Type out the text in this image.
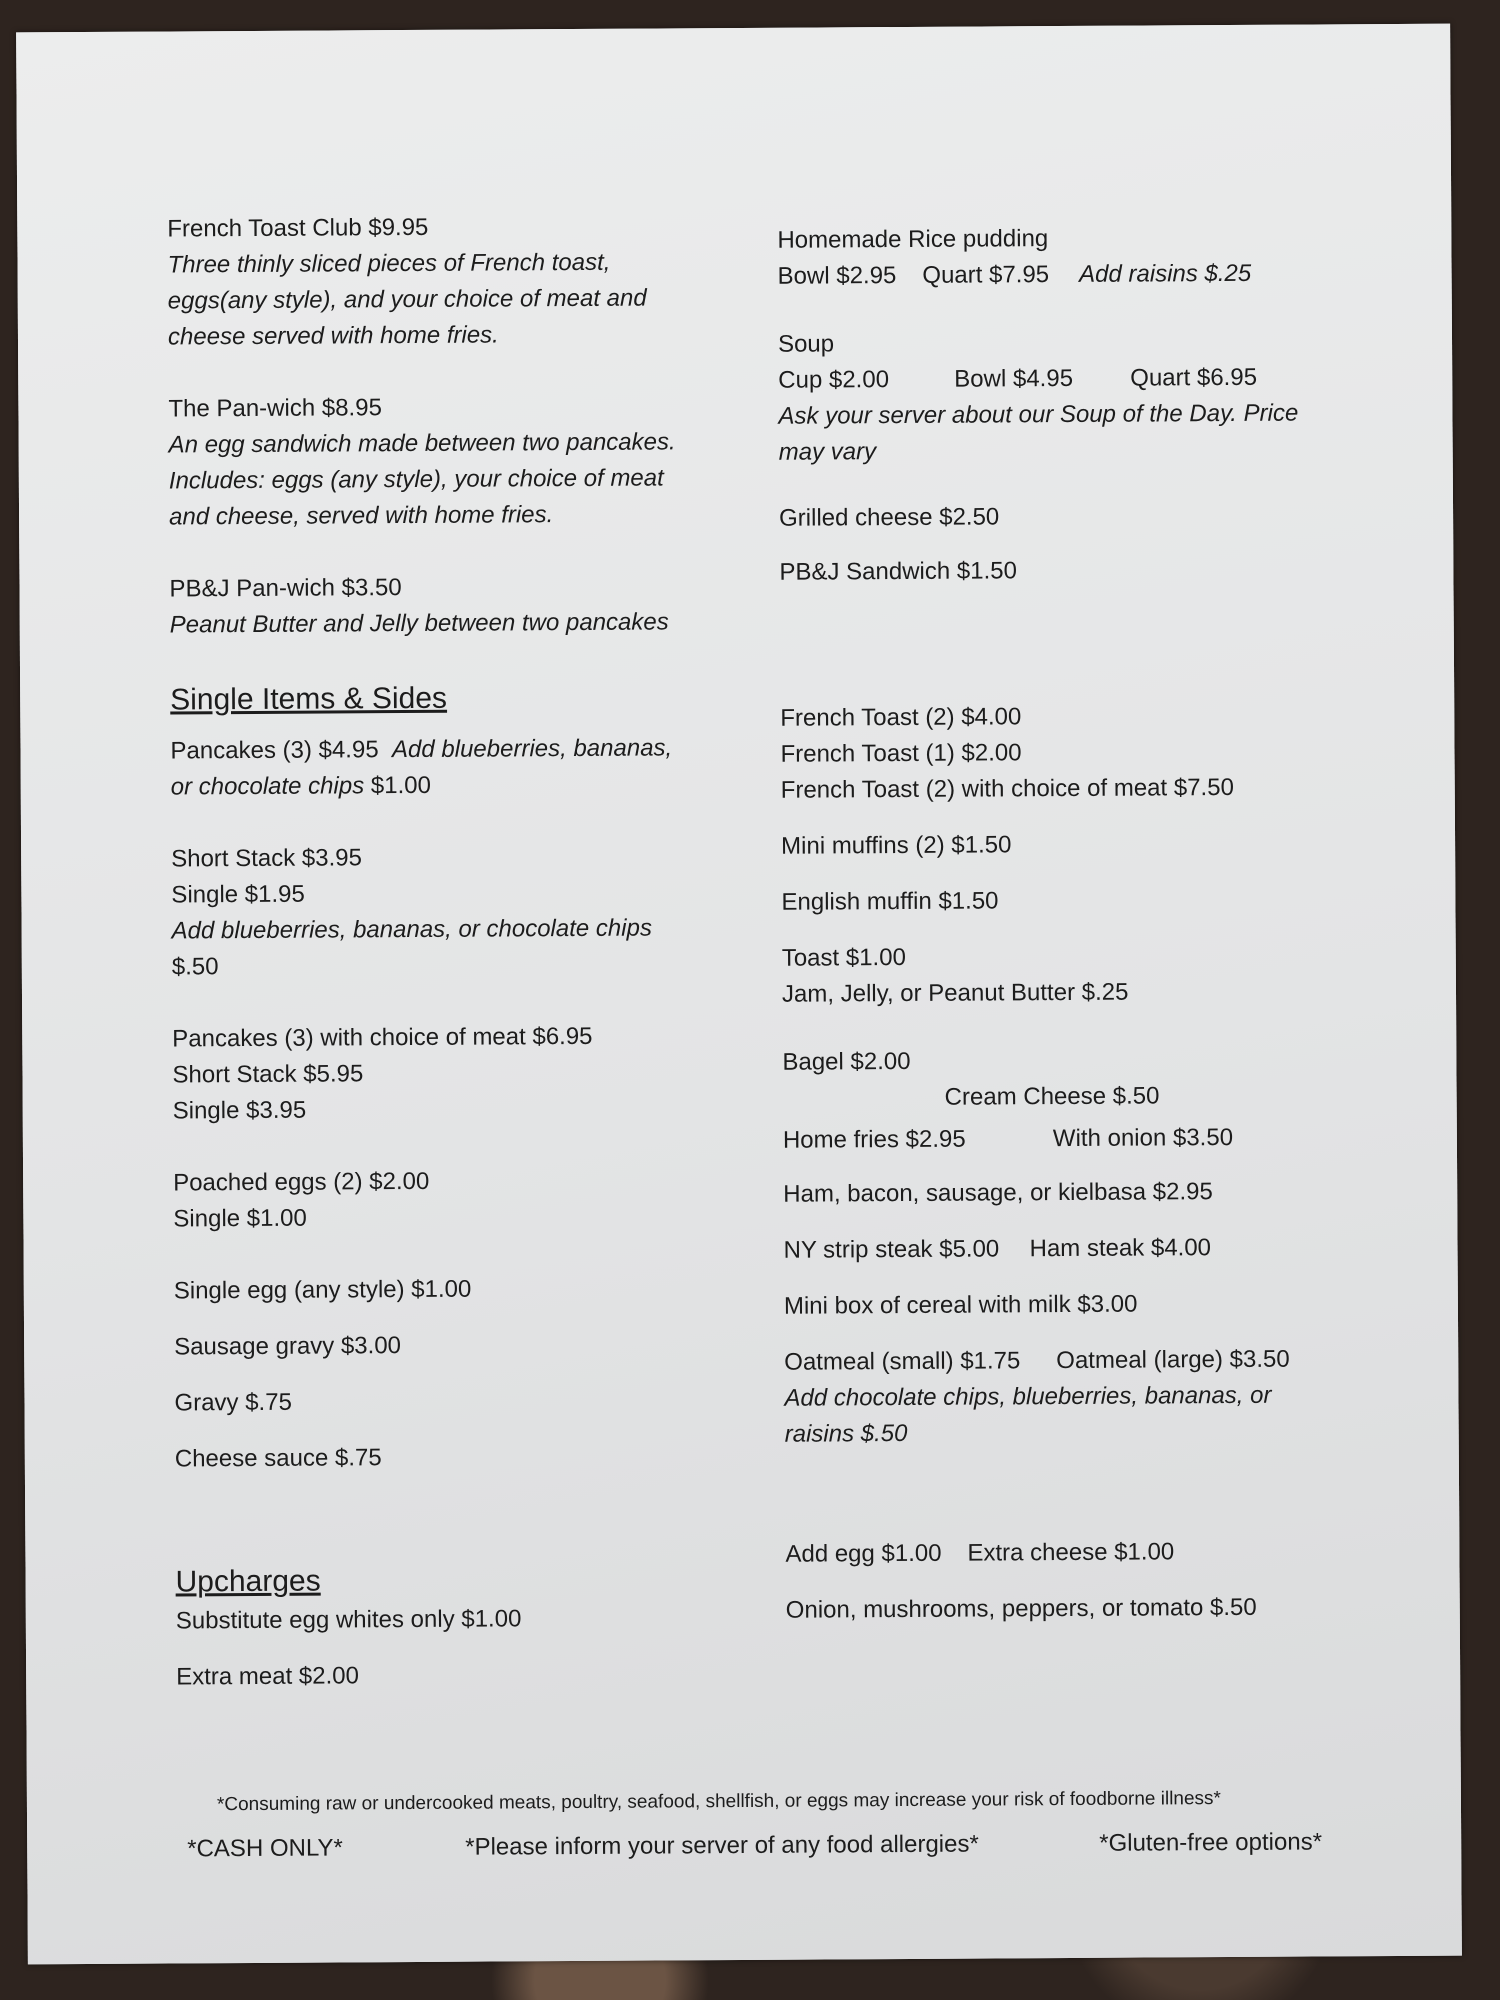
French Toast Club $9.95

Three thinly sliced pieces of French toast,

eggs(any style), and your choice of meat and

cheese served with home fries.

The Pan-wich $8.95

An egg sandwich made between two pancakes.

Includes: eggs (any style), your choice of meat

and cheese, served with home fries.

PB&J Pan-wich $3.50

Peanut Butter and Jelly between two pancakes

Single Items & Sides

Pancakes (3) $4.95 Add blueberries, bananas,

or chocolate chips $1.00

Short Stack $3.95

Single $1.95

Add blueberries, bananas, or chocolate chips

$.50

Pancakes (3) with choice of meat $6.95

Short Stack $5.95

Single $3.95

Poached eggs (2) $2.00

Single $1.00

Single egg (any style) $1.00

Sausage gravy $3.00

Gravy $.75

Cheese sauce $.75

Upcharges

Substitute egg whites only $1.00

Extra meat $2.00

Homemade Rice pudding

Bowl $2.95 Quart $7.95 Add raisins $.25

Soup

Cup $2.00	Bowl $4.95	Quart $6.95

Ask your server about our Soup of the Day. Price

may vary

Grilled cheese $2.50

PB&J Sandwich $1.50

French Toast (2) $4.00

French Toast (1) $2.00

French Toast (2) with choice of meat $7.50

Mini muffins (2) $1.50

English muffin $1.50

Toast $1.00

Jam, Jelly, or Peanut Butter $.25

Bagel $2.00

Cream Cheese $.50

Home fries $2.95	With onion $3.50

Ham, bacon, sausage, or kielbasa $2.95

NY strip steak $5.00	Ham steak $4.00

Mini box of cereal with milk $3.00

Oatmeal (small) $1.75	Oatmeal (large) $3.50

Add chocolate chips, blueberries, bananas, or

raisins $.50

Add egg $1.00	Extra cheese $1.00

Onion, mushrooms, peppers, or tomato $.50

*Consuming raw or undercooked meats, poultry, seafood, shellfish, or eggs may increase your risk of foodborne illness*

*CASH ONLY*	*Please inform your server of any food allergies*	*Gluten-free options*
